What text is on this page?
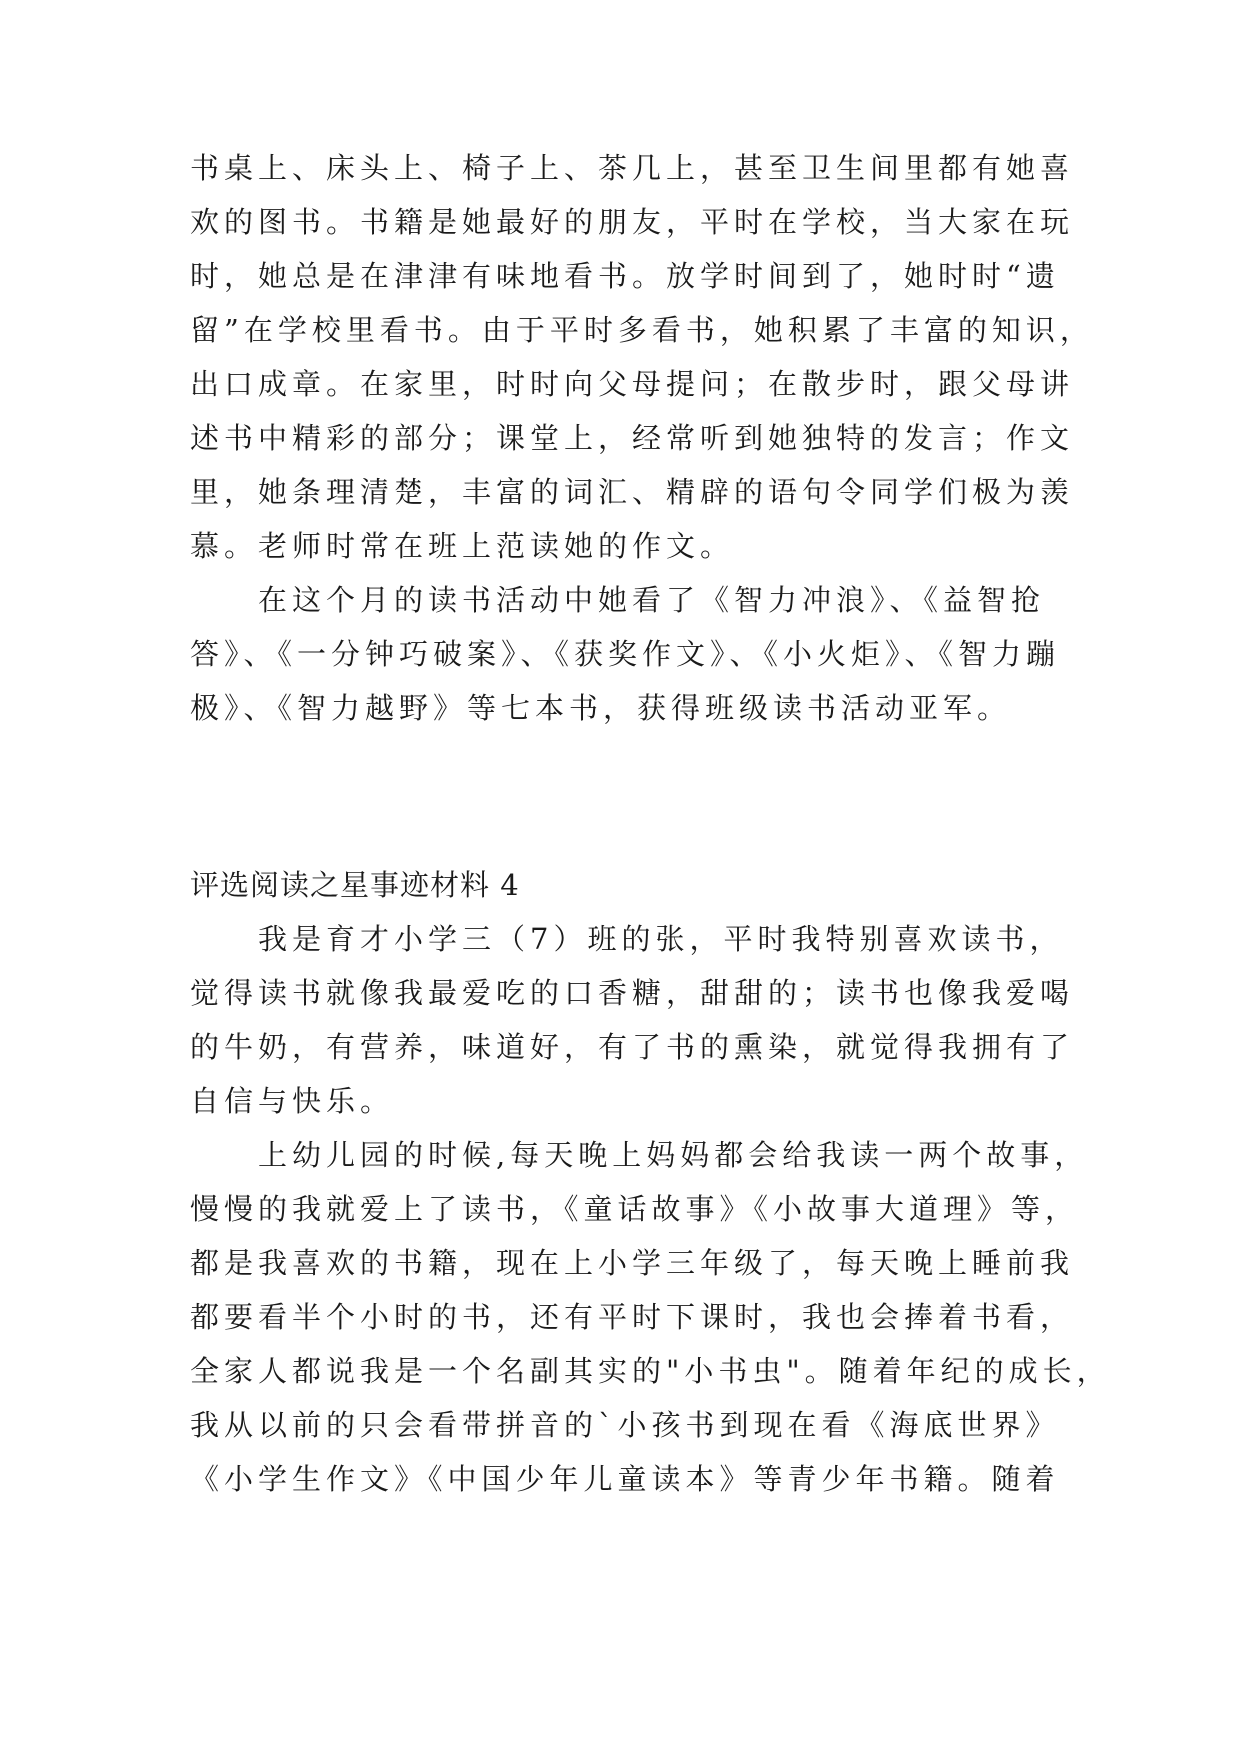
书桌上、床头上、椅子上、茶几上，甚至卫生间里都有她喜
欢的图书。书籍是她最好的朋友，平时在学校，当大家在玩
时，她总是在津津有味地看书。放学时间到了，她时时“遗
留”在学校里看书。由于平时多看书，她积累了丰富的知识，
出口成章。在家里，时时向父母提问；在散步时，跟父母讲
述书中精彩的部分；课堂上，经常听到她独特的发言；作文
里，她条理清楚，丰富的词汇、精辟的语句令同学们极为羡
慕。老师时常在班上范读她的作文。
　　在这个月的读书活动中她看了《智力冲浪》、《益智抢
答》、《一分钟巧破案》、《获奖作文》、《小火炬》、《智力蹦
极》、《智力越野》等七本书，获得班级读书活动亚军。
评选阅读之星事迹材料 4
　　我是育才小学三（7）班的张，平时我特别喜欢读书，
觉得读书就像我最爱吃的口香糖，甜甜的；读书也像我爱喝
的牛奶，有营养，味道好，有了书的熏染，就觉得我拥有了
自信与快乐。
　　上幼儿园的时候,每天晚上妈妈都会给我读一两个故事，
慢慢的我就爱上了读书，《童话故事》《小故事大道理》等，
都是我喜欢的书籍，现在上小学三年级了，每天晚上睡前我
都要看半个小时的书，还有平时下课时，我也会捧着书看，
全家人都说我是一个名副其实的"小书虫"。随着年纪的成长，
我从以前的只会看带拼音的`小孩书到现在看《海底世界》
《小学生作文》《中国少年儿童读本》等青少年书籍。随着
